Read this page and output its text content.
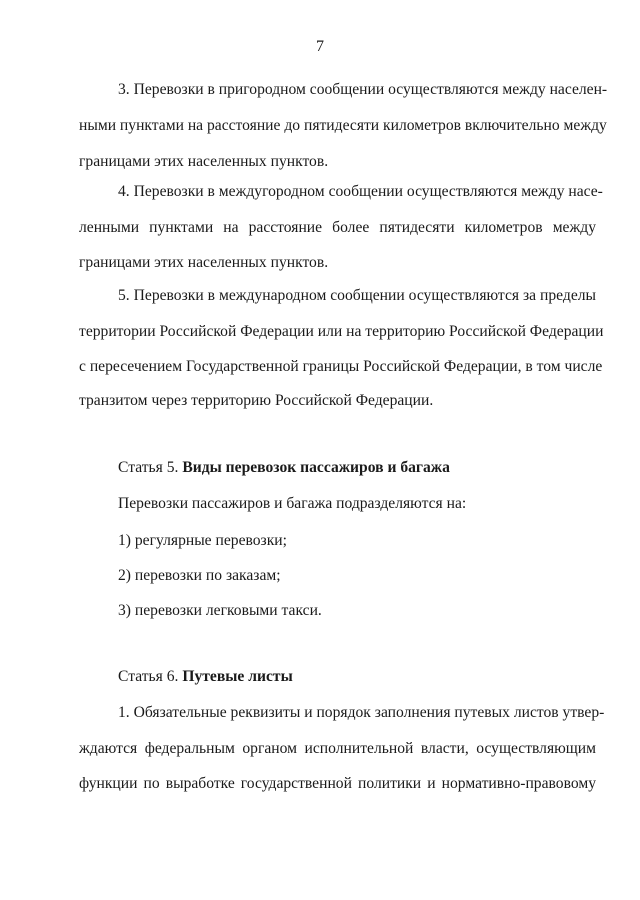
7
3. Перевозки в пригородном сообщении осуществляются между населен-
ными пунктами на расстояние до пятидесяти километров включительно между
границами этих населенных пунктов.
4. Перевозки в междугородном сообщении осуществляются между насе-
ленными пунктами на расстояние более пятидесяти километров между
границами этих населенных пунктов.
5. Перевозки в международном сообщении осуществляются за пределы
территории Российской Федерации или на территорию Российской Федерации
с пересечением Государственной границы Российской Федерации, в том числе
транзитом через территорию Российской Федерации.
Статья 5. Виды перевозок пассажиров и багажа
Перевозки пассажиров и багажа подразделяются на:
1) регулярные перевозки;
2) перевозки по заказам;
3) перевозки легковыми такси.
Статья 6. Путевые листы
1. Обязательные реквизиты и порядок заполнения путевых листов утвер-
ждаются федеральным органом исполнительной власти, осуществляющим
функции по выработке государственной политики и нормативно-правовому
